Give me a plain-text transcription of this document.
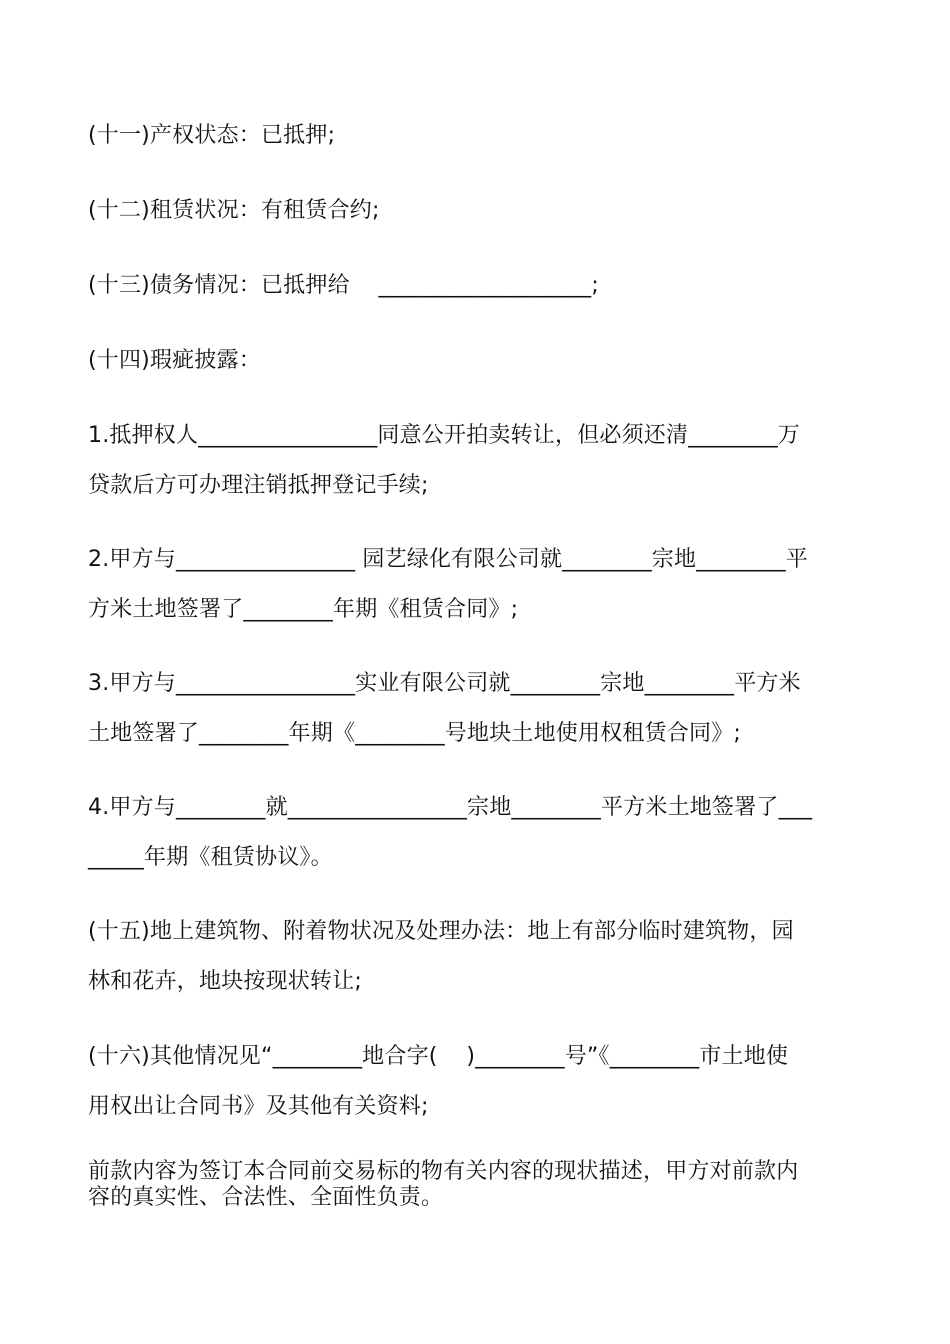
(十一)产权状态：已抵押;
(十二)租赁状况：有租赁合约;
(十三)债务情况：已抵押给    ___________________;
(十四)瑕疵披露：
1.抵押权人________________同意公开拍卖转让，但必须还清________万
贷款后方可办理注销抵押登记手续;
2.甲方与________________ 园艺绿化有限公司就________宗地________平
方米土地签署了________年期《租赁合同》;
3.甲方与________________实业有限公司就________宗地________平方米
土地签署了________年期《________号地块土地使用权租赁合同》;
4.甲方与________就________________宗地________平方米土地签署了___
_____年期《租赁协议》。
(十五)地上建筑物、附着物状况及处理办法：地上有部分临时建筑物，园
林和花卉，地块按现状转让;
(十六)其他情况见“________地合字(    )________号”《________市土地使
用权出让合同书》及其他有关资料;
前款内容为签订本合同前交易标的物有关内容的现状描述，甲方对前款内
容的真实性、合法性、全面性负责。
